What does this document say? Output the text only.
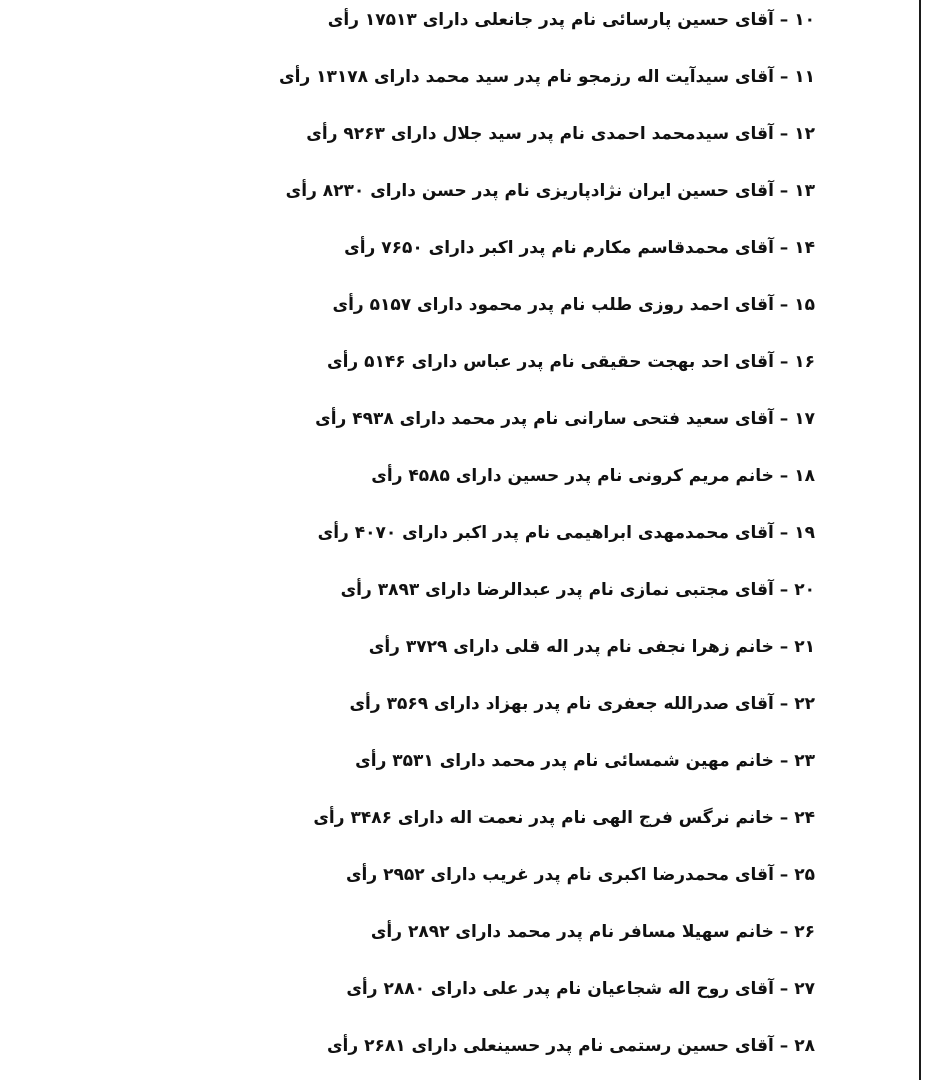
۱۰ – آقای حسین پارسائی نام پدر جانعلی دارای ۱۷۵۱۳ رأی
۱۱ – آقای سیدآیت اله رزمجو نام پدر سید محمد دارای ۱۳۱۷۸ رأی
۱۲ – آقای سیدمحمد احمدی نام پدر سید جلال دارای ۹۲۶۳ رأی
۱۳ – آقای حسین ایران نژادپاریزی نام پدر حسن دارای ۸۲۳۰ رأی
۱۴ – آقای محمدقاسم مکارم نام پدر اکبر دارای ۷۶۵۰ رأی
۱۵ – آقای احمد روزی طلب نام پدر محمود دارای ۵۱۵۷ رأی
۱۶ – آقای احد بهجت حقیقی نام پدر عباس دارای ۵۱۴۶ رأی
۱۷ – آقای سعید فتحی سارانی نام پدر محمد دارای ۴۹۳۸ رأی
۱۸ – خانم مریم کرونی نام پدر حسین دارای ۴۵۸۵ رأی
۱۹ – آقای محمدمهدی ابراهیمی نام پدر اکبر دارای ۴۰۷۰ رأی
۲۰ – آقای مجتبی نمازی نام پدر عبدالرضا دارای ۳۸۹۳ رأی
۲۱ – خانم زهرا نجفی نام پدر اله قلی دارای ۳۷۲۹ رأی
۲۲ – آقای صدرالله جعفری نام پدر بهزاد دارای ۳۵۶۹ رأی
۲۳ – خانم مهین شمسائی نام پدر محمد دارای ۳۵۳۱ رأی
۲۴ – خانم نرگس فرج الهی نام پدر نعمت اله دارای ۳۴۸۶ رأی
۲۵ – آقای محمدرضا اکبری نام پدر غریب دارای ۲۹۵۲ رأی
۲۶ – خانم سهیلا مسافر نام پدر محمد دارای ۲۸۹۲ رأی
۲۷ – آقای روح اله شجاعیان نام پدر علی دارای ۲۸۸۰ رأی
۲۸ – آقای حسین رستمی نام پدر حسینعلی دارای ۲۶۸۱ رأی
